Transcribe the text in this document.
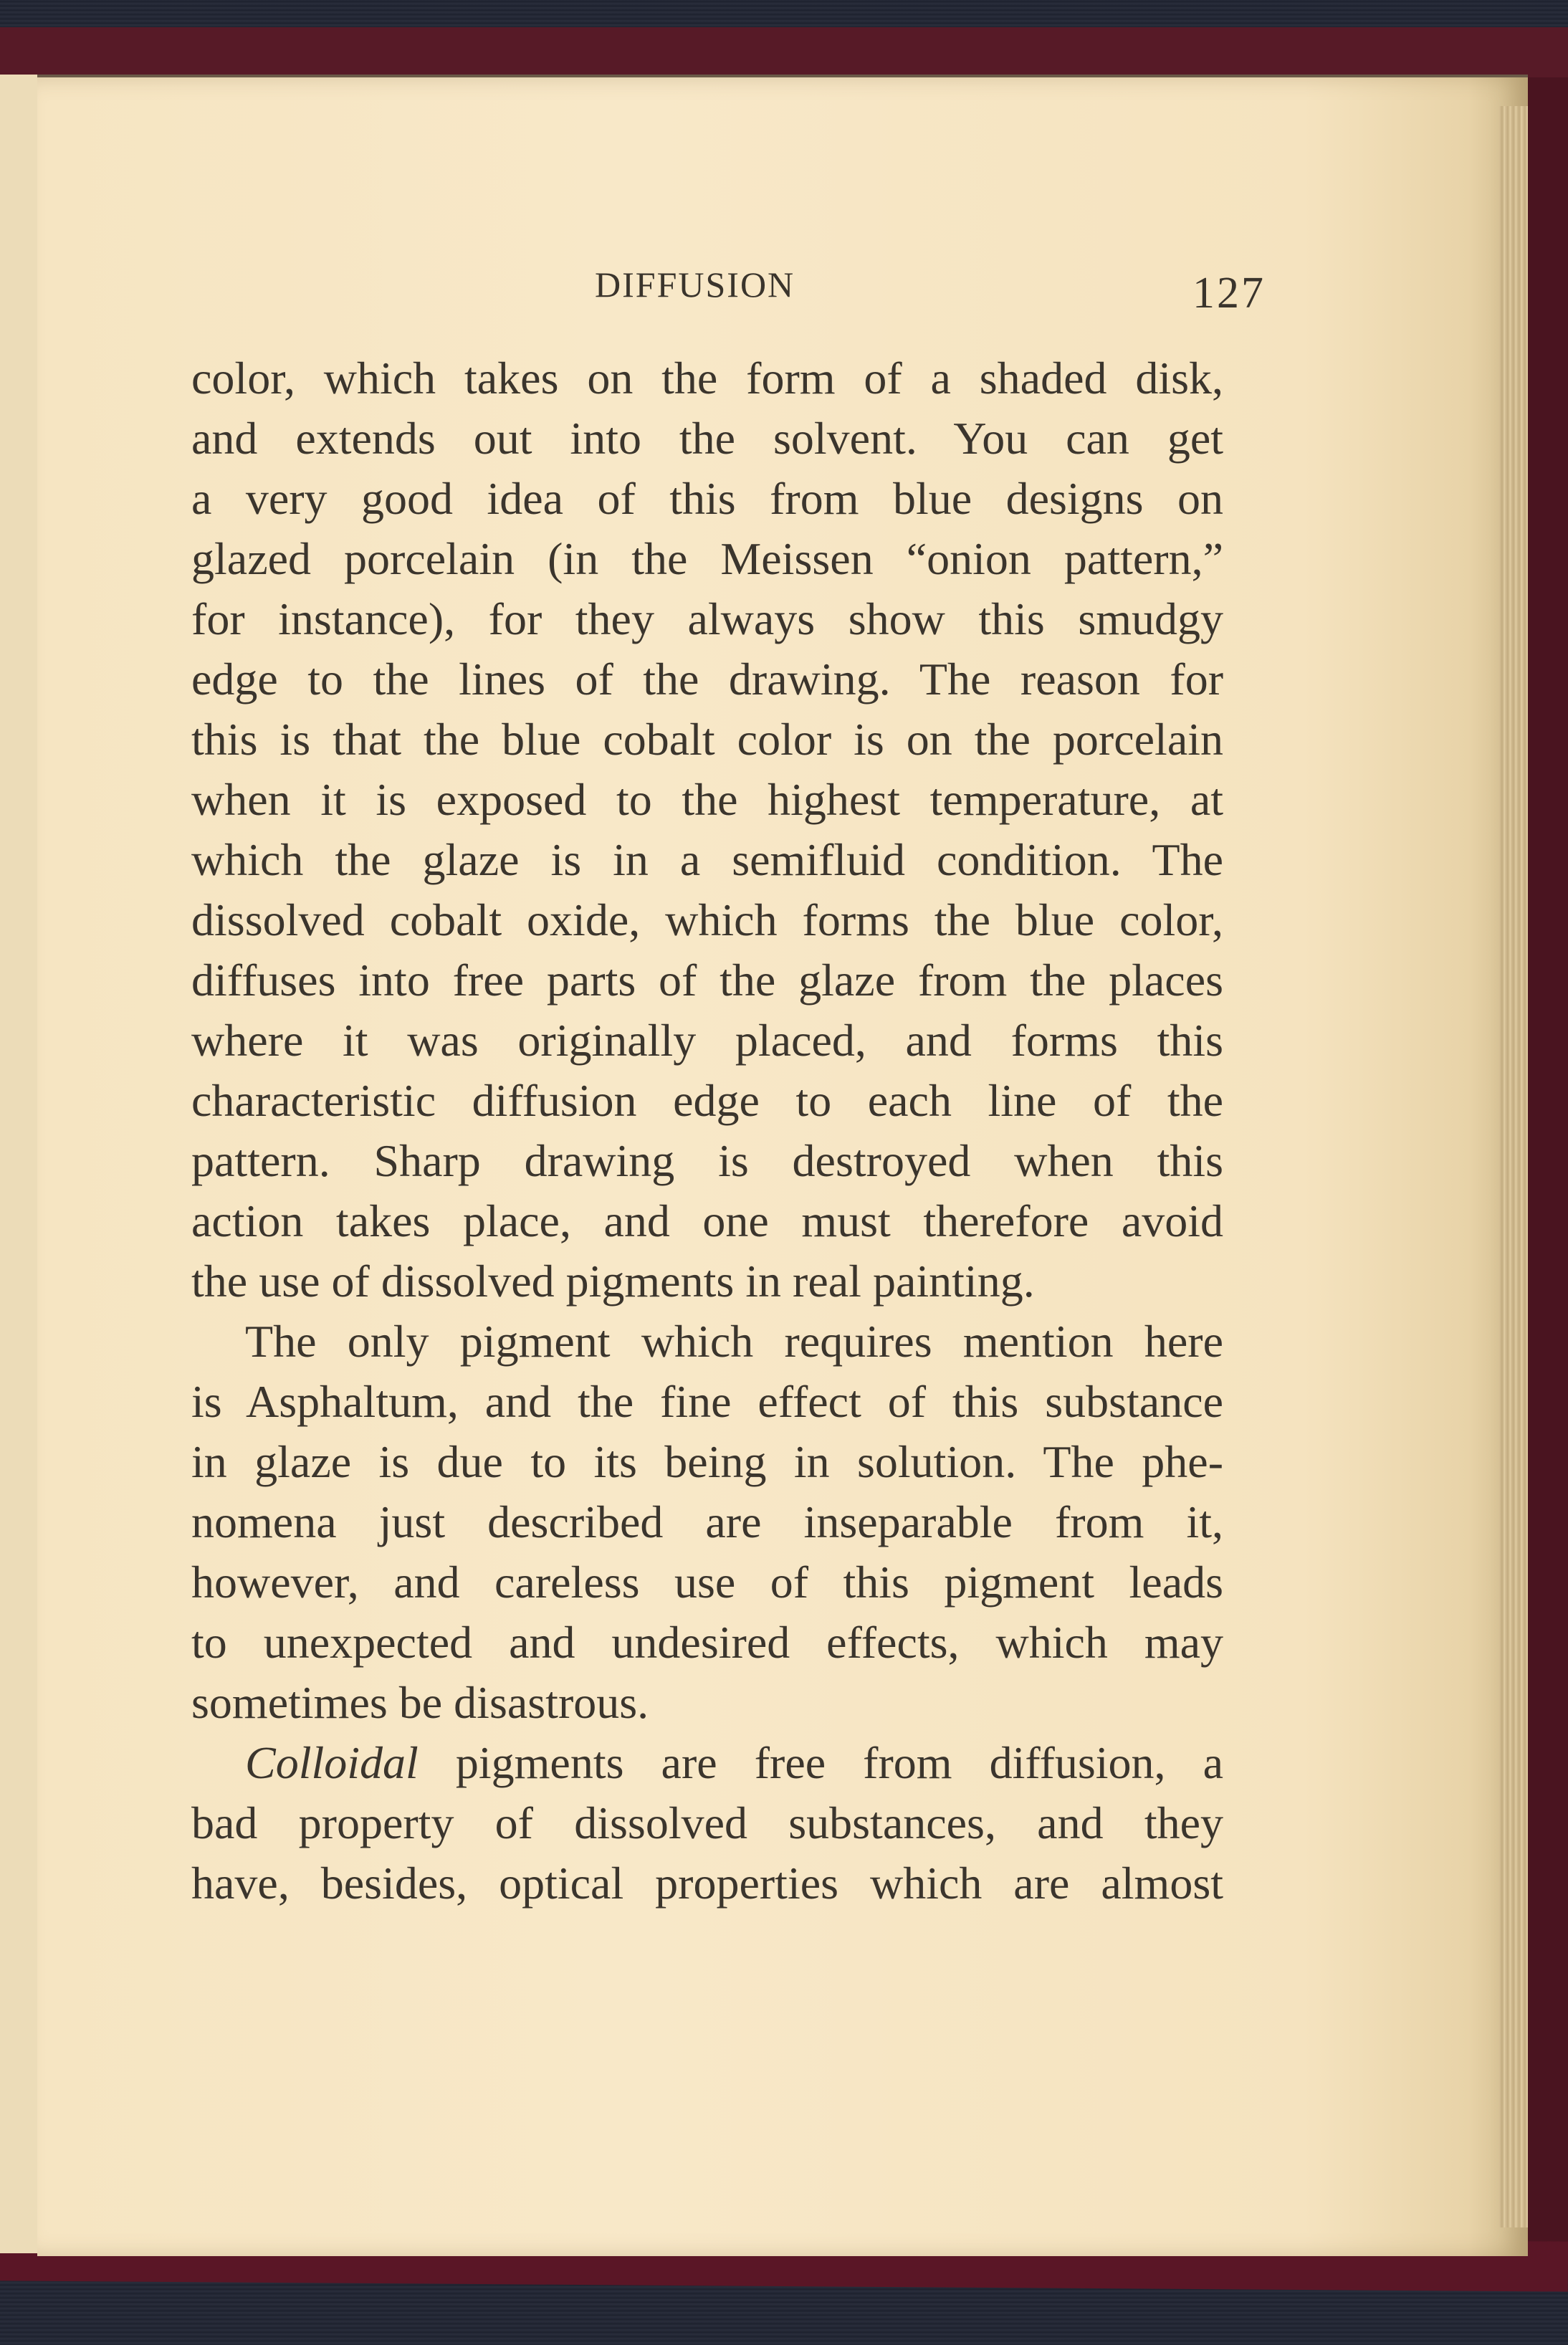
DIFFUSION	127
color, which takes on the form of a shaded disk,
and extends out into the solvent. You can get
a very good idea of this from blue designs on
glazed porcelain (in the Meissen “onion pattern,”
for instance), for they always show this smudgy
edge to the lines of the drawing. The reason for
this is that the blue cobalt color is on the porcelain
when it is exposed to the highest temperature, at
which the glaze is in a semifluid condition. The
dissolved cobalt oxide, which forms the blue color,
diffuses into free parts of the glaze from the places
where it was originally placed, and forms this
characteristic diffusion edge to each line of the
pattern. Sharp drawing is destroyed when this
action takes place, and one must therefore avoid
the use of dissolved pigments in real painting.
The only pigment which requires mention here
is Asphaltum, and the fine effect of this substance
in glaze is due to its being in solution. The phe-
nomena just described are inseparable from it,
however, and careless use of this pigment leads
to unexpected and undesired effects, which may
sometimes be disastrous.
Colloidal pigments are free from diffusion, a
bad property of dissolved substances, and they
have, besides, optical properties which are almost
